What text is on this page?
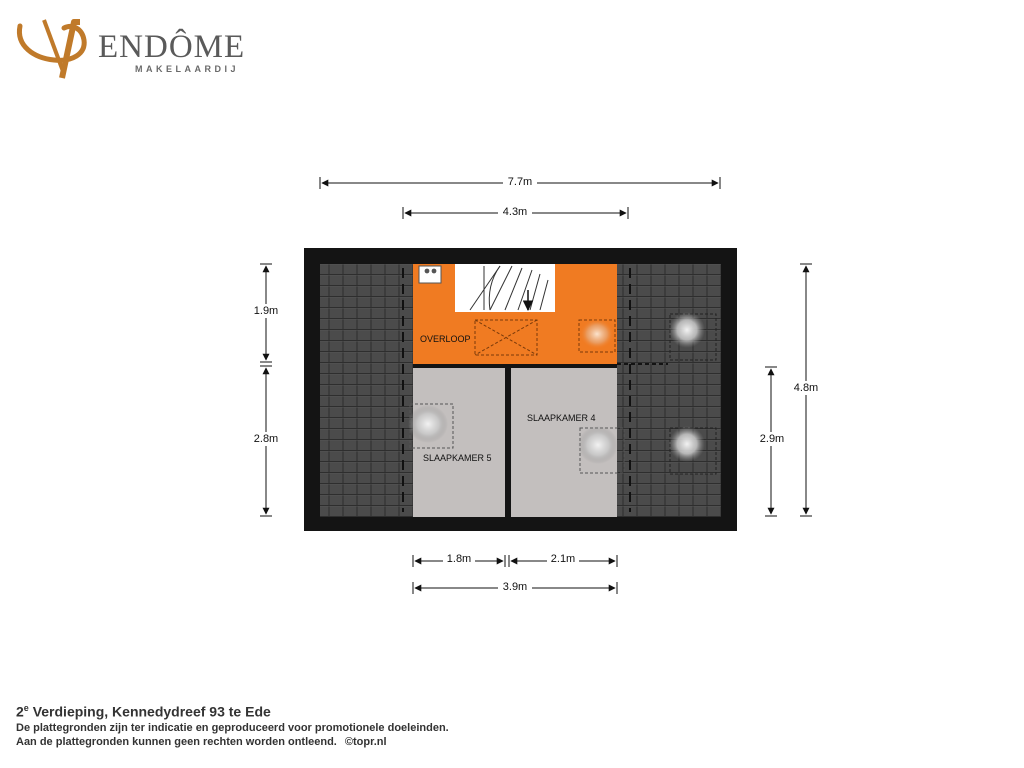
ENDÔME
MAKELAARDIJ
OVERLOOP
SLAAPKAMER 4
SLAAPKAMER 5
7.7m
4.3m
1.9m
2.8m	2.9m
4.8m
1.8m	2.1m
3.9m
2e Verdieping, Kennedydreef 93 te Ede
De plattegronden zijn ter indicatie en geproduceerd voor promotionele doeleinden.
Aan de plattegronden kunnen geen rechten worden ontleend. ©topr.nl
